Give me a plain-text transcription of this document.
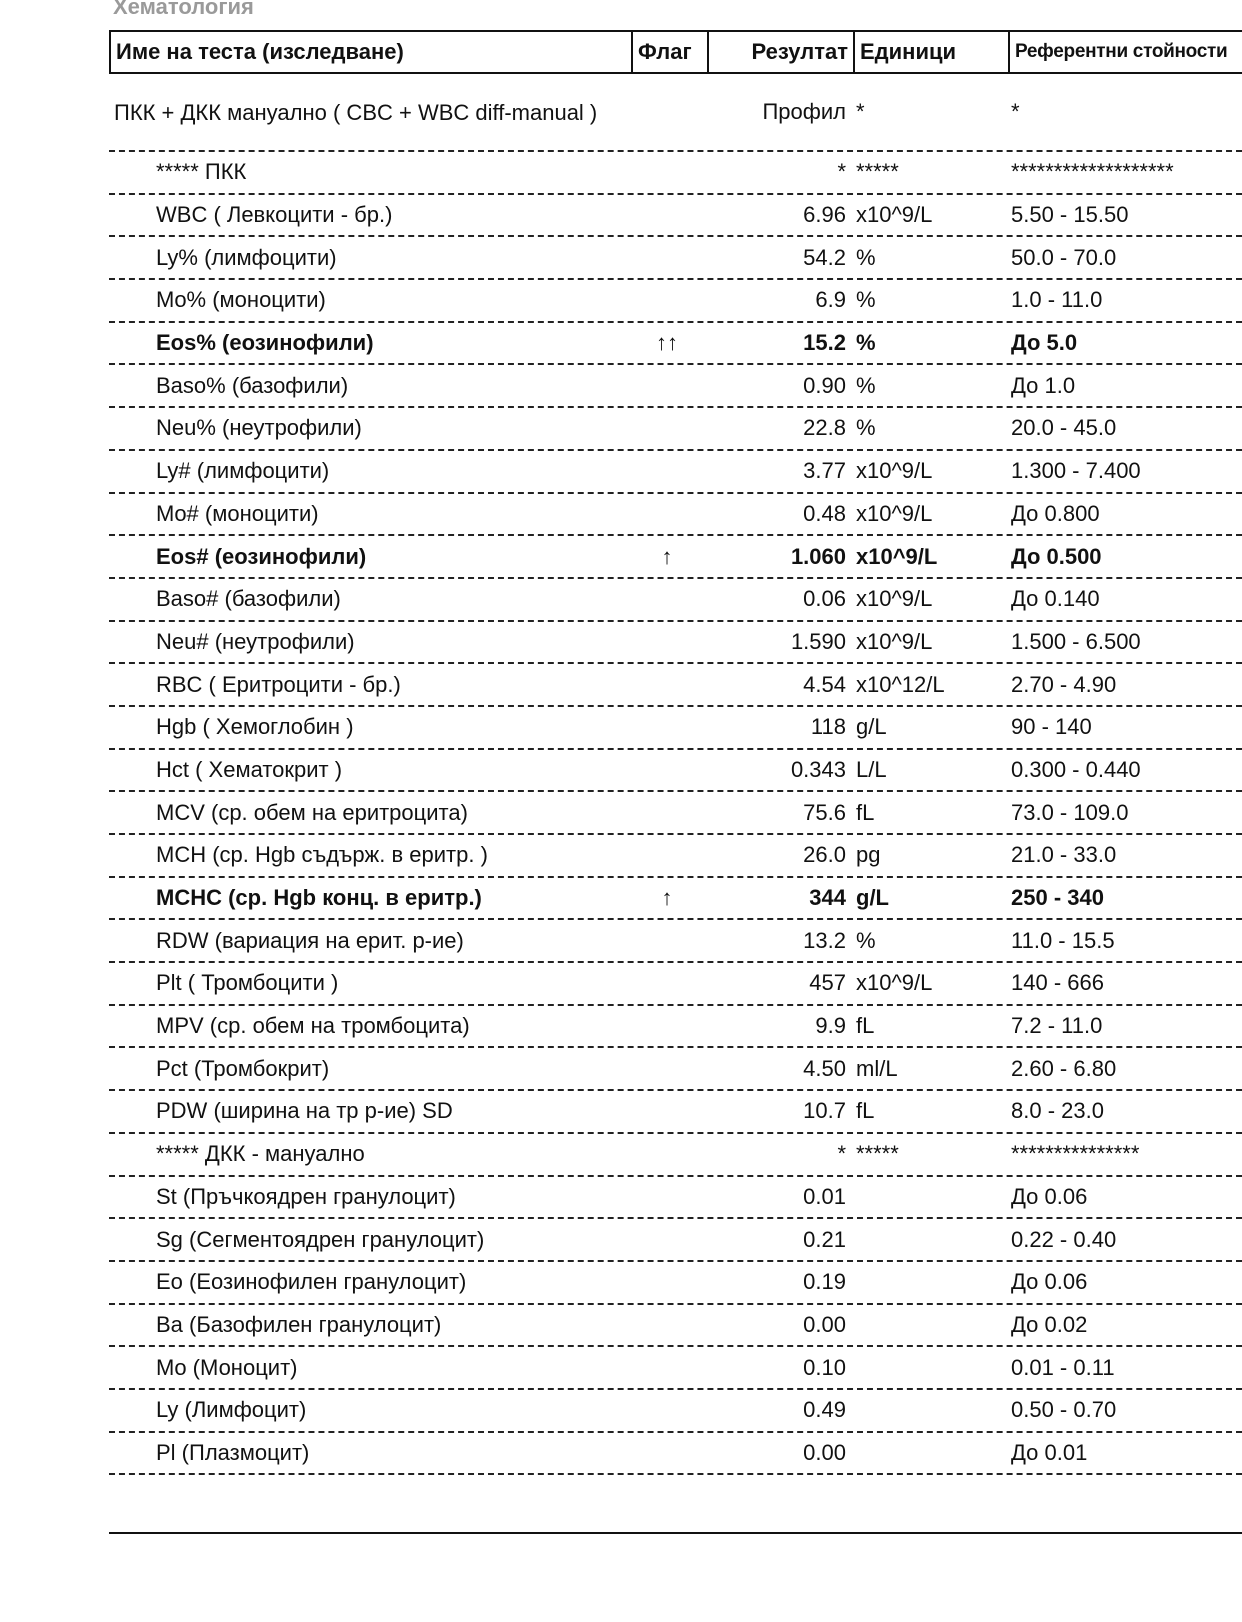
Хематология
Име на теста (изследване)	Флаг	Резултат Единици	Референтни стойности
ПКК + ДКК мануално ( CBC + WBC diff-manual )	Профил *	*
***** ПКК	* *****	*******************
WBC ( Левкоцити - бр.)	6.96 x10^9/L	5.50 - 15.50
Ly% (лимфоцити)	54.2 %	50.0 - 70.0
Mo% (моноцити)	6.9 %	1.0 - 11.0
Eos% (еозинофили)	↑↑	15.2 %	До 5.0
Baso% (базофили)	0.90 %	До 1.0
Neu% (неутрофили)	22.8 %	20.0 - 45.0
Ly# (лимфоцити)	3.77 x10^9/L	1.300 - 7.400
Mo# (моноцити)	0.48 x10^9/L	До 0.800
Eos# (еозинофили)	↑	1.060 x10^9/L	До 0.500
Baso# (базофили)	0.06 x10^9/L	До 0.140
Neu# (неутрофили)	1.590 x10^9/L	1.500 - 6.500
RBC ( Еритроцити - бр.)	4.54 x10^12/L	2.70 - 4.90
Hgb ( Хемоглобин )	118 g/L	90 - 140
Hct ( Хематокрит )	0.343 L/L	0.300 - 0.440
MCV (ср. обем на еритроцита)	75.6 fL	73.0 - 109.0
MCH (ср. Hgb съдърж. в еритр. )	26.0 pg	21.0 - 33.0
MCHC (ср. Hgb конц. в еритр.)	↑	344 g/L	250 - 340
RDW (вариация на ерит. р-ие)	13.2 %	11.0 - 15.5
Plt ( Тромбоцити )	457 x10^9/L	140 - 666
MPV (ср. обем на тромбоцита)	9.9 fL	7.2 - 11.0
Pct (Тромбокрит)	4.50 ml/L	2.60 - 6.80
PDW (ширина на тр р-ие) SD	10.7 fL	8.0 - 23.0
***** ДКК - мануално	* *****	***************
St (Пръчкоядрен гранулоцит)	0.01	До 0.06
Sg (Сегментоядрен гранулоцит)	0.21	0.22 - 0.40
Eo (Еозинофилен гранулоцит)	0.19	До 0.06
Ba (Базофилен гранулоцит)	0.00	До 0.02
Mo (Моноцит)	0.10	0.01 - 0.11
Ly (Лимфоцит)	0.49	0.50 - 0.70
Pl (Плазмоцит)	0.00	До 0.01
